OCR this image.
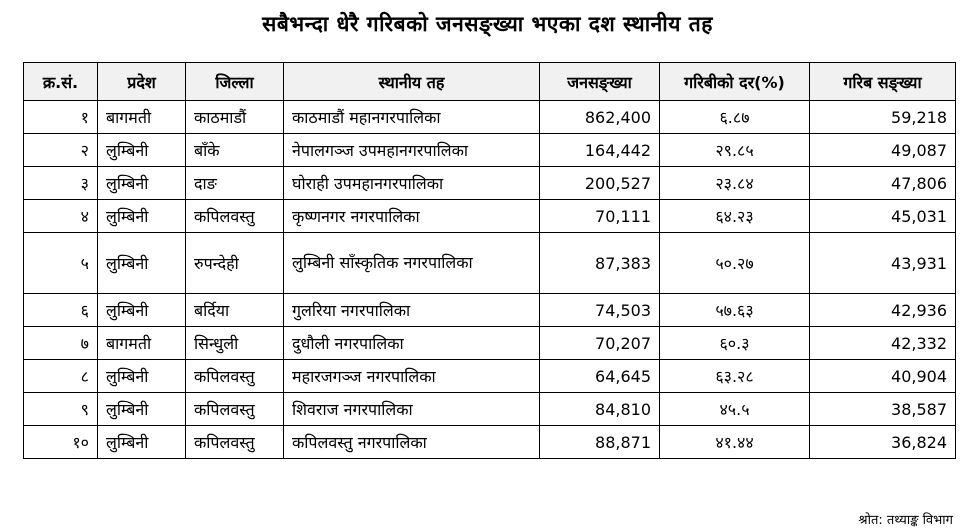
सबैभन्दा धेरै गरिबको जनसङ्ख्या भएका दश स्थानीय तह
क्र.सं.	प्रदेश	जिल्ला	स्थानीय तह	जनसङ्ख्या	गरिबीको दर(%)	गरिब सङ्ख्या
१	बागमती	काठमाडौं	काठमाडौं महानगरपालिका	862,400	६.८७	59,218
२	लुम्बिनी	बाँके	नेपालगञ्ज उपमहानगरपालिका	164,442	२९.८५	49,087
३	लुम्बिनी	दाङ	घोराही उपमहानगरपालिका	200,527	२३.८४	47,806
४	लुम्बिनी	कपिलवस्तु	कृष्णनगर नगरपालिका	70,111	६४.२३	45,031
५	लुम्बिनी	रुपन्देही	लुम्बिनी साँस्कृतिक नगरपालिका	87,383	५०.२७	43,931
६	लुम्बिनी	बर्दिया	गुलरिया नगरपालिका	74,503	५७.६३	42,936
७	बागमती	सिन्धुली	दुधौली नगरपालिका	70,207	६०.३	42,332
८	लुम्बिनी	कपिलवस्तु	महारजगञ्ज नगरपालिका	64,645	६३.२८	40,904
९	लुम्बिनी	कपिलवस्तु	शिवराज नगरपालिका	84,810	४५.५	38,587
१०	लुम्बिनी	कपिलवस्तु	कपिलवस्तु नगरपालिका	88,871	४१.४४	36,824
श्रोत: तथ्याङ्क विभाग
